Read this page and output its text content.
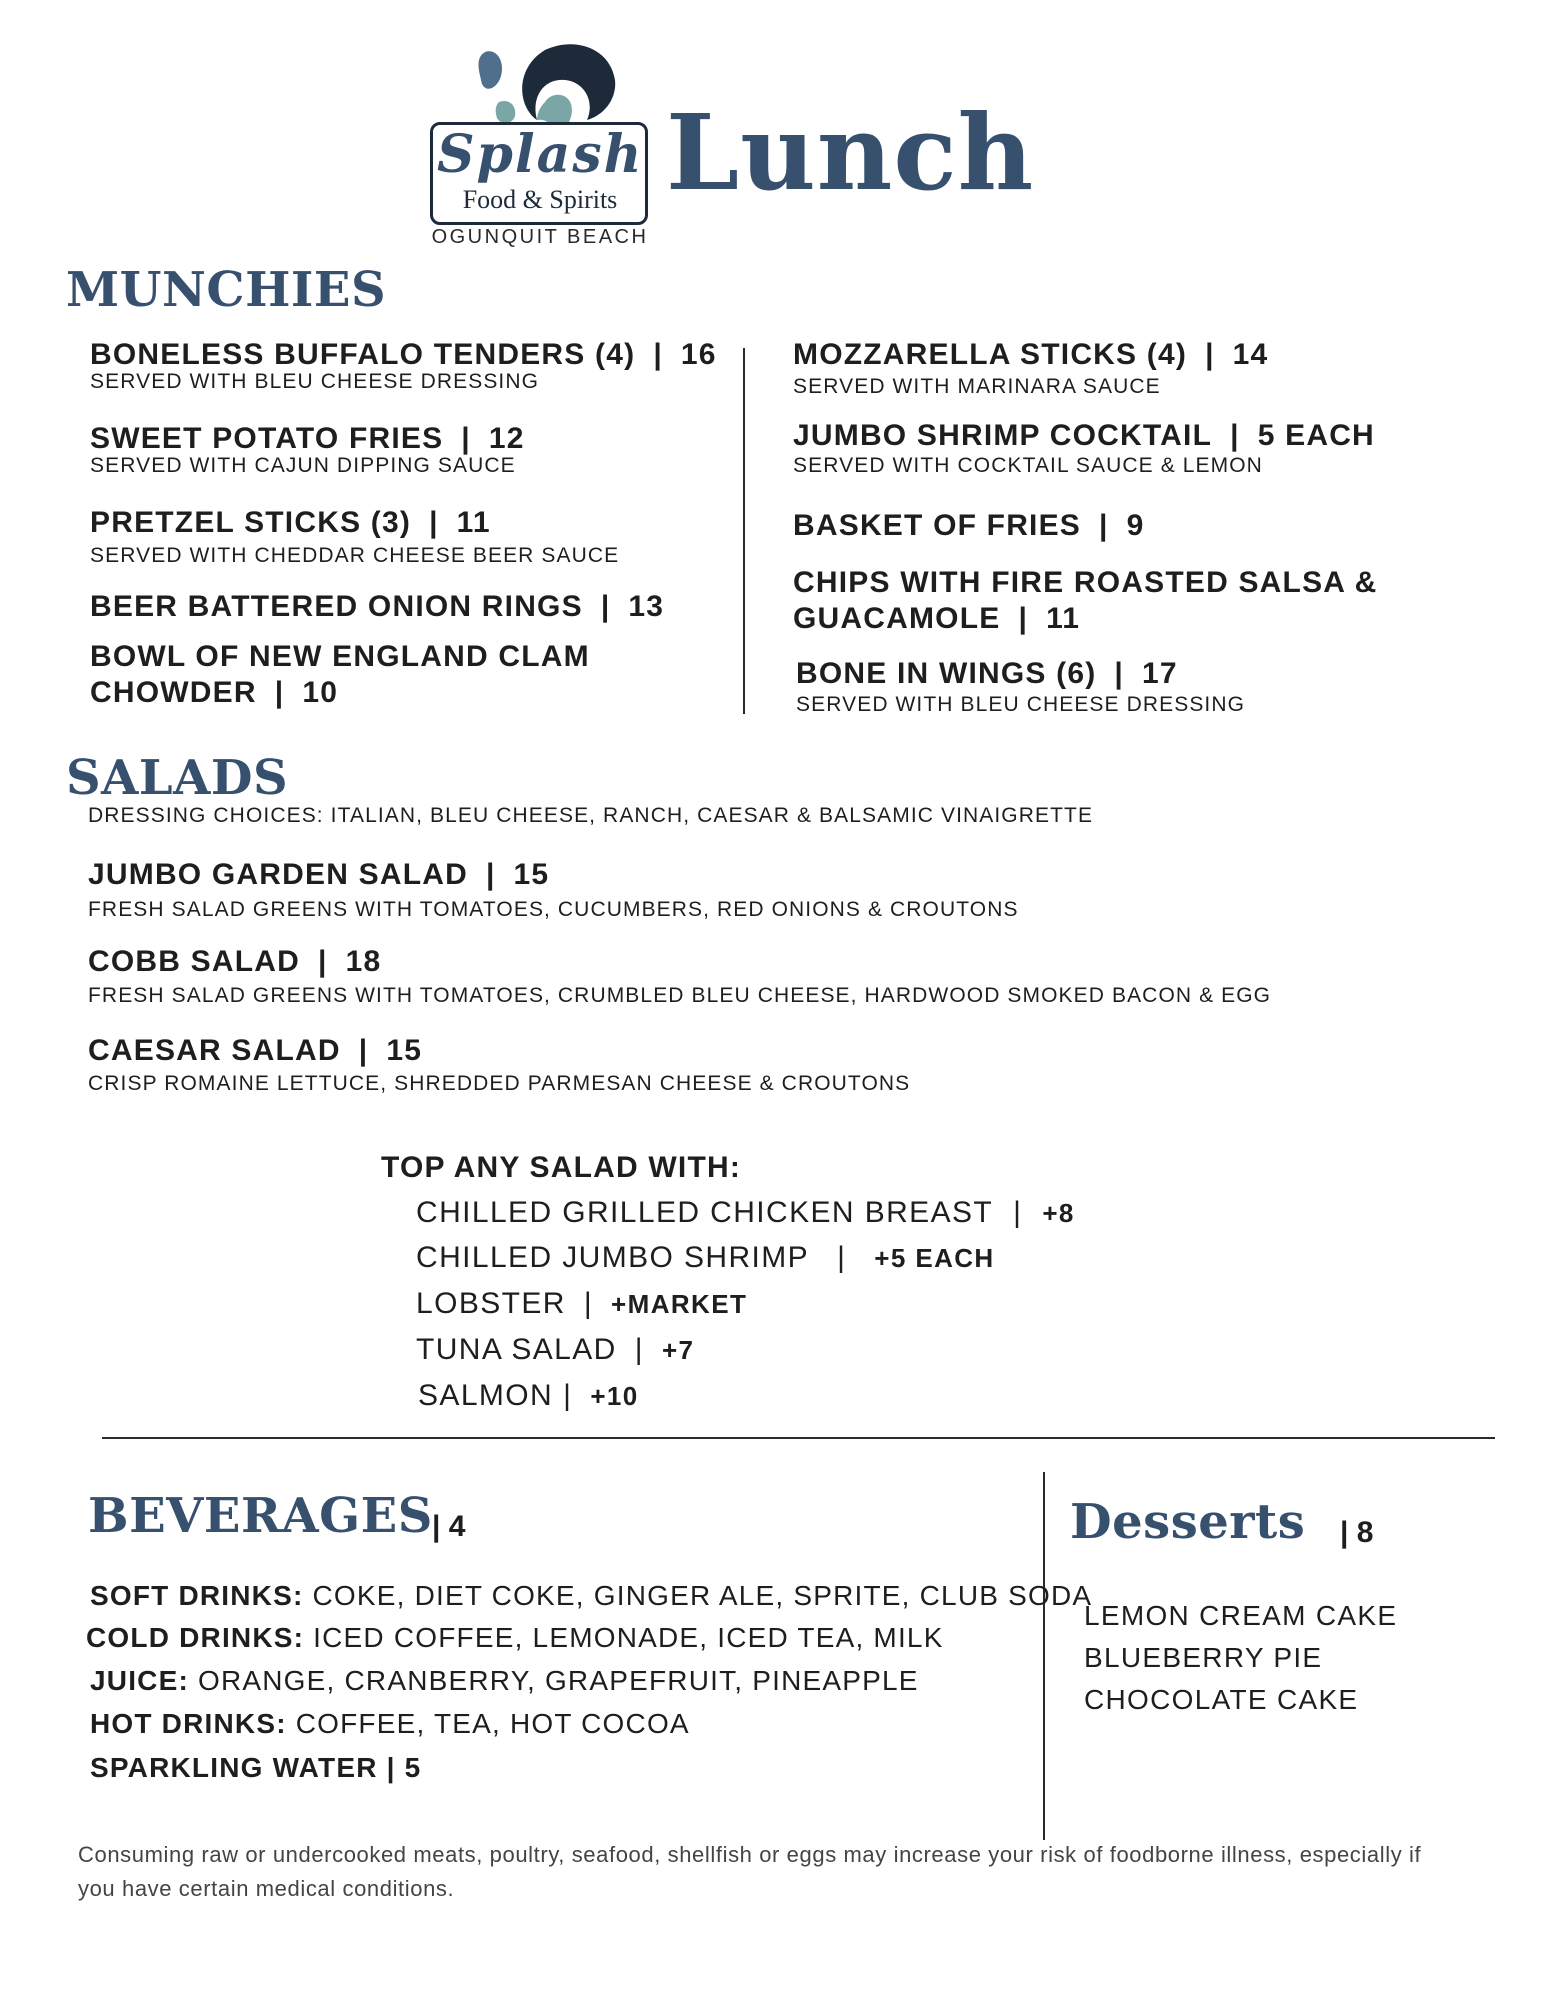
Splash
Food & Spirits
OGUNQUIT BEACH
Lunch
MUNCHIES
BONELESS BUFFALO TENDERS (4) | 16
SERVED WITH BLEU CHEESE DRESSING
SWEET POTATO FRIES | 12
SERVED WITH CAJUN DIPPING SAUCE
PRETZEL STICKS (3) | 11
SERVED WITH CHEDDAR CHEESE BEER SAUCE
BEER BATTERED ONION RINGS | 13
BOWL OF NEW ENGLAND CLAM
CHOWDER | 10
MOZZARELLA STICKS (4) | 14
SERVED WITH MARINARA SAUCE
JUMBO SHRIMP COCKTAIL | 5 EACH
SERVED WITH COCKTAIL SAUCE & LEMON
BASKET OF FRIES | 9
CHIPS WITH FIRE ROASTED SALSA &
GUACAMOLE | 11
BONE IN WINGS (6) | 17
SERVED WITH BLEU CHEESE DRESSING
SALADS
DRESSING CHOICES: ITALIAN, BLEU CHEESE, RANCH, CAESAR & BALSAMIC VINAIGRETTE
JUMBO GARDEN SALAD | 15
FRESH SALAD GREENS WITH TOMATOES, CUCUMBERS, RED ONIONS & CROUTONS
COBB SALAD | 18
FRESH SALAD GREENS WITH TOMATOES, CRUMBLED BLEU CHEESE, HARDWOOD SMOKED BACON & EGG
CAESAR SALAD | 15
CRISP ROMAINE LETTUCE, SHREDDED PARMESAN CHEESE & CROUTONS
TOP ANY SALAD WITH:
CHILLED GRILLED CHICKEN BREAST | +8
CHILLED JUMBO SHRIMP | +5 EACH
LOBSTER | +MARKET
TUNA SALAD | +7
SALMON | +10
BEVERAGES | 4
SOFT DRINKS: COKE, DIET COKE, GINGER ALE, SPRITE, CLUB SODA
COLD DRINKS: ICED COFFEE, LEMONADE, ICED TEA, MILK
JUICE: ORANGE, CRANBERRY, GRAPEFRUIT, PINEAPPLE
HOT DRINKS: COFFEE, TEA, HOT COCOA
SPARKLING WATER | 5
Desserts | 8
LEMON CREAM CAKE
BLUEBERRY PIE
CHOCOLATE CAKE
Consuming raw or undercooked meats, poultry, seafood, shellfish or eggs may increase your risk of foodborne illness, especially if
you have certain medical conditions.
